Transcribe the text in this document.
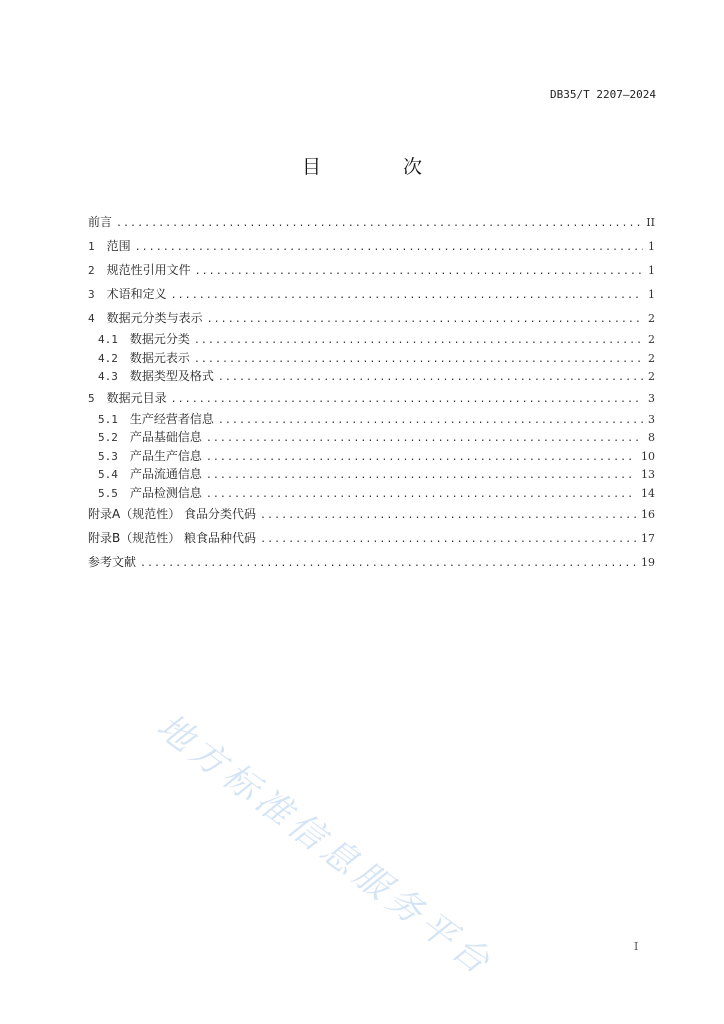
DB35/T 2207—2024
目 次
前言 .....	II
1 范围 .....	1
2 规范性引用文件 .....	1
3 术语和定义 .....	1
4 数据元分类与表示 .....	2
4.1 数据元分类 .....	2
4.2 数据元表示 .....	2
4.3 数据类型及格式 .....	2
5 数据元目录 .....	3
5.1 生产经营者信息 .....	3
5.2 产品基础信息 .....	8
5.3 产品生产信息 .....	10
5.4 产品流通信息 .....	13
5.5 产品检测信息 .....	14
附录A（规范性） 食品分类代码 .....	16
附录B（规范性） 粮食品种代码 .....	17
参考文献 .....	19
地方标准信息服务平台	I
